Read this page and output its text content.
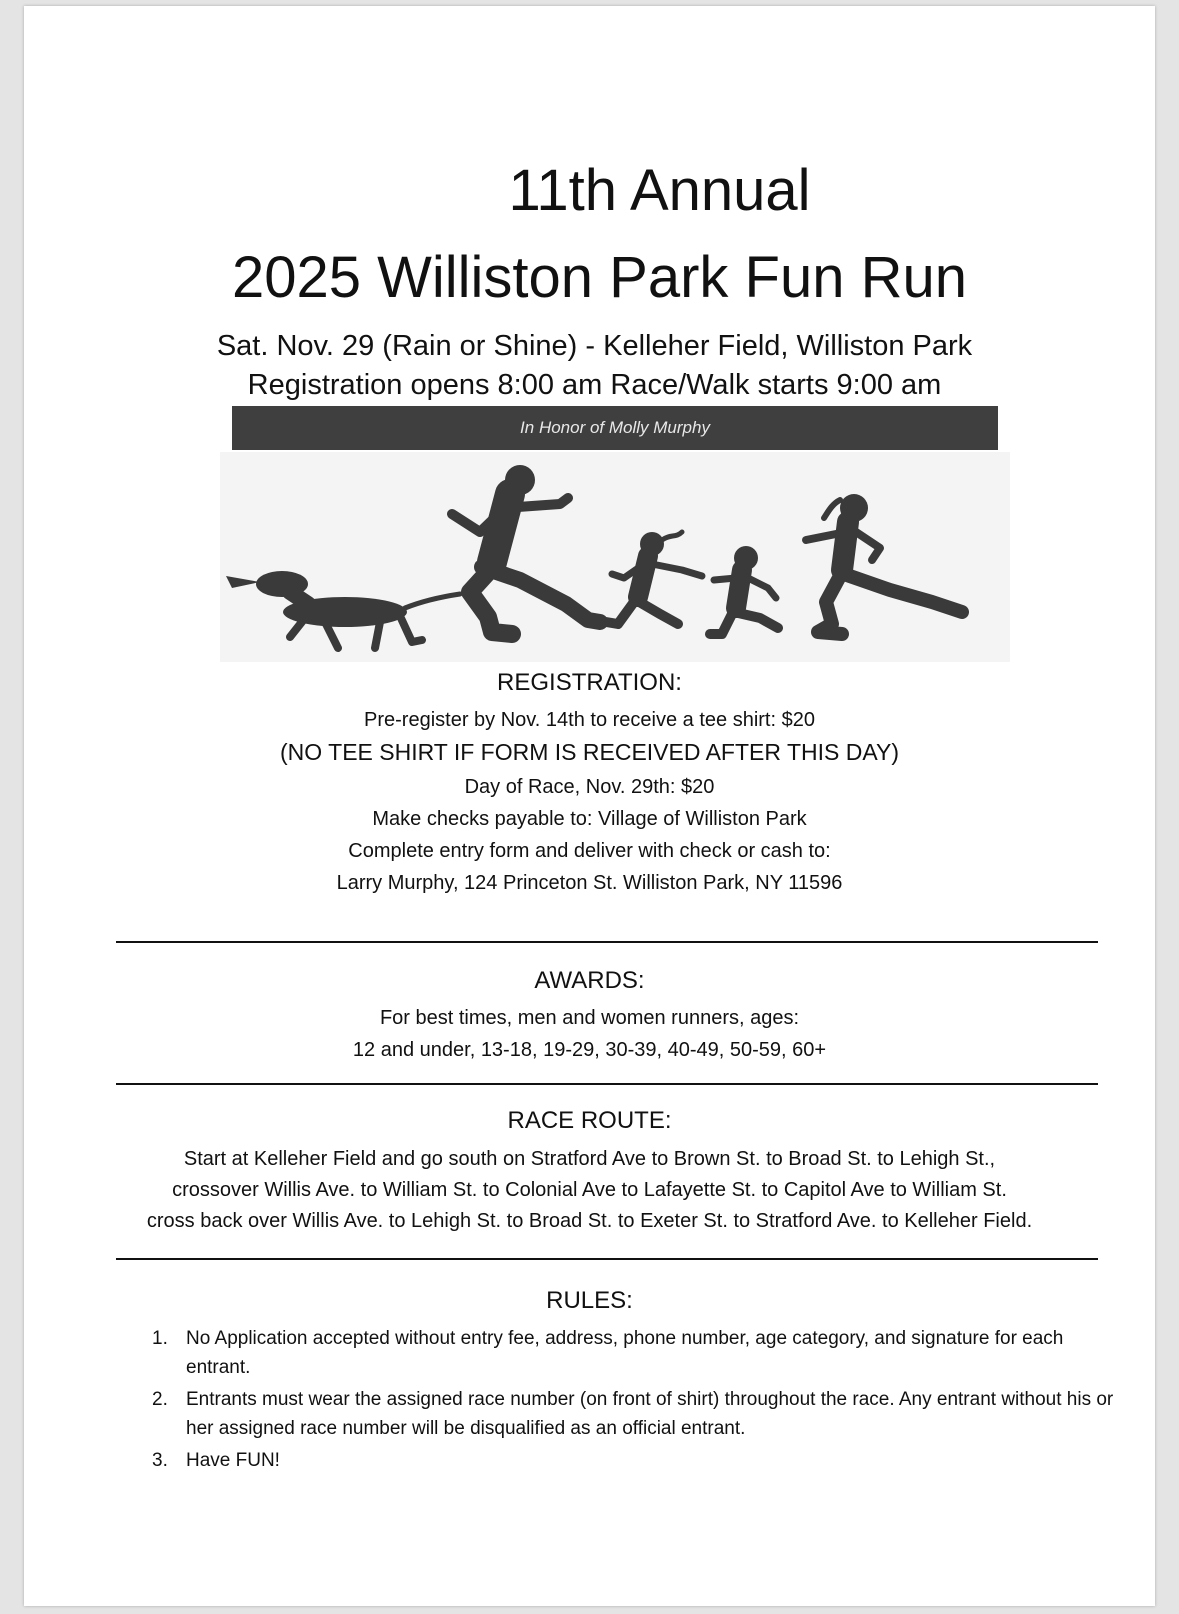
11th Annual
2025 Williston Park Fun Run
Sat. Nov. 29 (Rain or Shine) - Kelleher Field, Williston Park
Registration opens 8:00 am Race/Walk starts 9:00 am
In Honor of Molly Murphy
REGISTRATION:
Pre-register by Nov. 14th to receive a tee shirt: $20
(NO TEE SHIRT IF FORM IS RECEIVED AFTER THIS DAY)
Day of Race, Nov. 29th: $20
Make checks payable to: Village of Williston Park
Complete entry form and deliver with check or cash to:
Larry Murphy, 124 Princeton St. Williston Park, NY 11596
AWARDS:
For best times, men and women runners, ages:
12 and under, 13-18, 19-29, 30-39, 40-49, 50-59, 60+
RACE ROUTE:
Start at Kelleher Field and go south on Stratford Ave to Brown St. to Broad St. to Lehigh St.,
crossover Willis Ave. to William St. to Colonial Ave to Lafayette St. to Capitol Ave to William St.
cross back over Willis Ave. to Lehigh St. to Broad St. to Exeter St. to Stratford Ave. to Kelleher Field.
RULES:
1. No Application accepted without entry fee, address, phone number, age category, and signature for each entrant.
2. Entrants must wear the assigned race number (on front of shirt) throughout the race. Any entrant without his or her assigned race number will be disqualified as an official entrant.
3. Have FUN!
